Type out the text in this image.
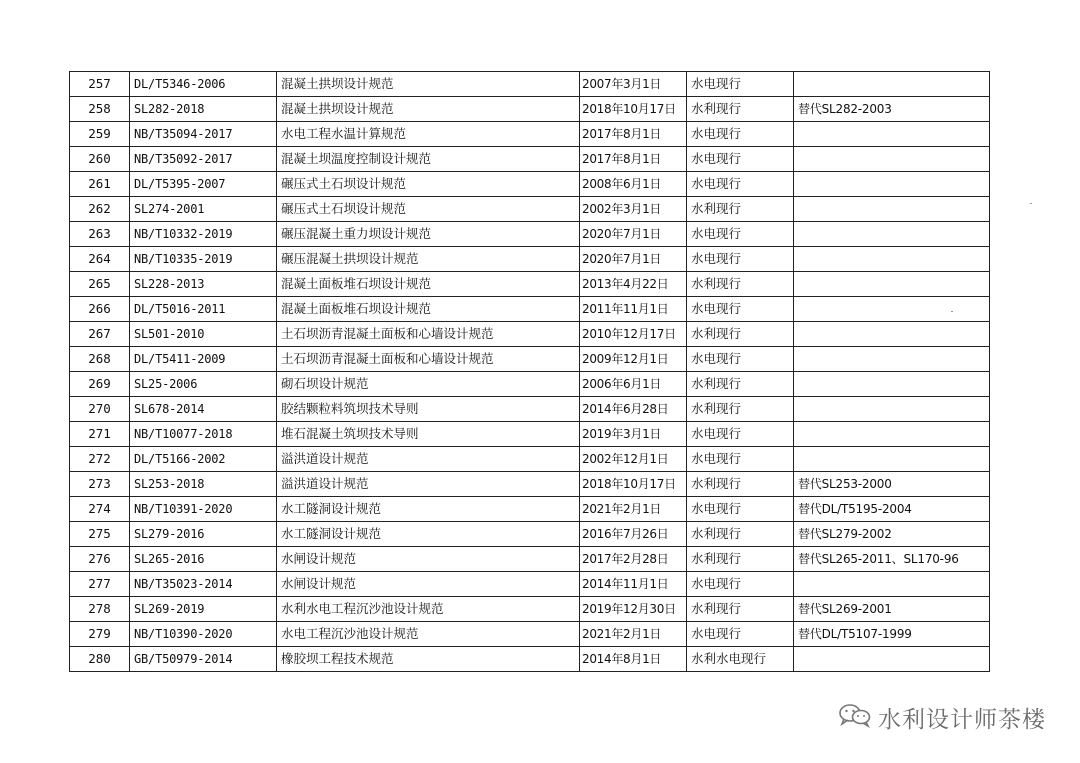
257	DL/T5346-2006	混凝土拱坝设计规范	2007年3月1日	水电现行	
258	SL282-2018	混凝土拱坝设计规范	2018年10月17日	水利现行	替代SL282-2003
259	NB/T35094-2017	水电工程水温计算规范	2017年8月1日	水电现行	
260	NB/T35092-2017	混凝土坝温度控制设计规范	2017年8月1日	水电现行	
261	DL/T5395-2007	碾压式土石坝设计规范	2008年6月1日	水电现行	
262	SL274-2001	碾压式土石坝设计规范	2002年3月1日	水利现行	
263	NB/T10332-2019	碾压混凝土重力坝设计规范	2020年7月1日	水电现行	
264	NB/T10335-2019	碾压混凝土拱坝设计规范	2020年7月1日	水电现行	
265	SL228-2013	混凝土面板堆石坝设计规范	2013年4月22日	水利现行	
266	DL/T5016-2011	混凝土面板堆石坝设计规范	2011年11月1日	水电现行	
267	SL501-2010	土石坝沥青混凝土面板和心墙设计规范	2010年12月17日	水利现行	
268	DL/T5411-2009	土石坝沥青混凝土面板和心墙设计规范	2009年12月1日	水电现行	
269	SL25-2006	砌石坝设计规范	2006年6月1日	水利现行	
270	SL678-2014	胶结颗粒料筑坝技术导则	2014年6月28日	水利现行	
271	NB/T10077-2018	堆石混凝土筑坝技术导则	2019年3月1日	水电现行	
272	DL/T5166-2002	溢洪道设计规范	2002年12月1日	水电现行	
273	SL253-2018	溢洪道设计规范	2018年10月17日	水利现行	替代SL253-2000
274	NB/T10391-2020	水工隧洞设计规范	2021年2月1日	水电现行	替代DL/T5195-2004
275	SL279-2016	水工隧洞设计规范	2016年7月26日	水利现行	替代SL279-2002
276	SL265-2016	水闸设计规范	2017年2月28日	水利现行	替代SL265-2011、SL170-96
277	NB/T35023-2014	水闸设计规范	2014年11月1日	水电现行	
278	SL269-2019	水利水电工程沉沙池设计规范	2019年12月30日	水利现行	替代SL269-2001
279	NB/T10390-2020	水电工程沉沙池设计规范	2021年2月1日	水电现行	替代DL/T5107-1999
280	GB/T50979-2014	橡胶坝工程技术规范	2014年8月1日	水利水电现行	
水利设计师茶楼
